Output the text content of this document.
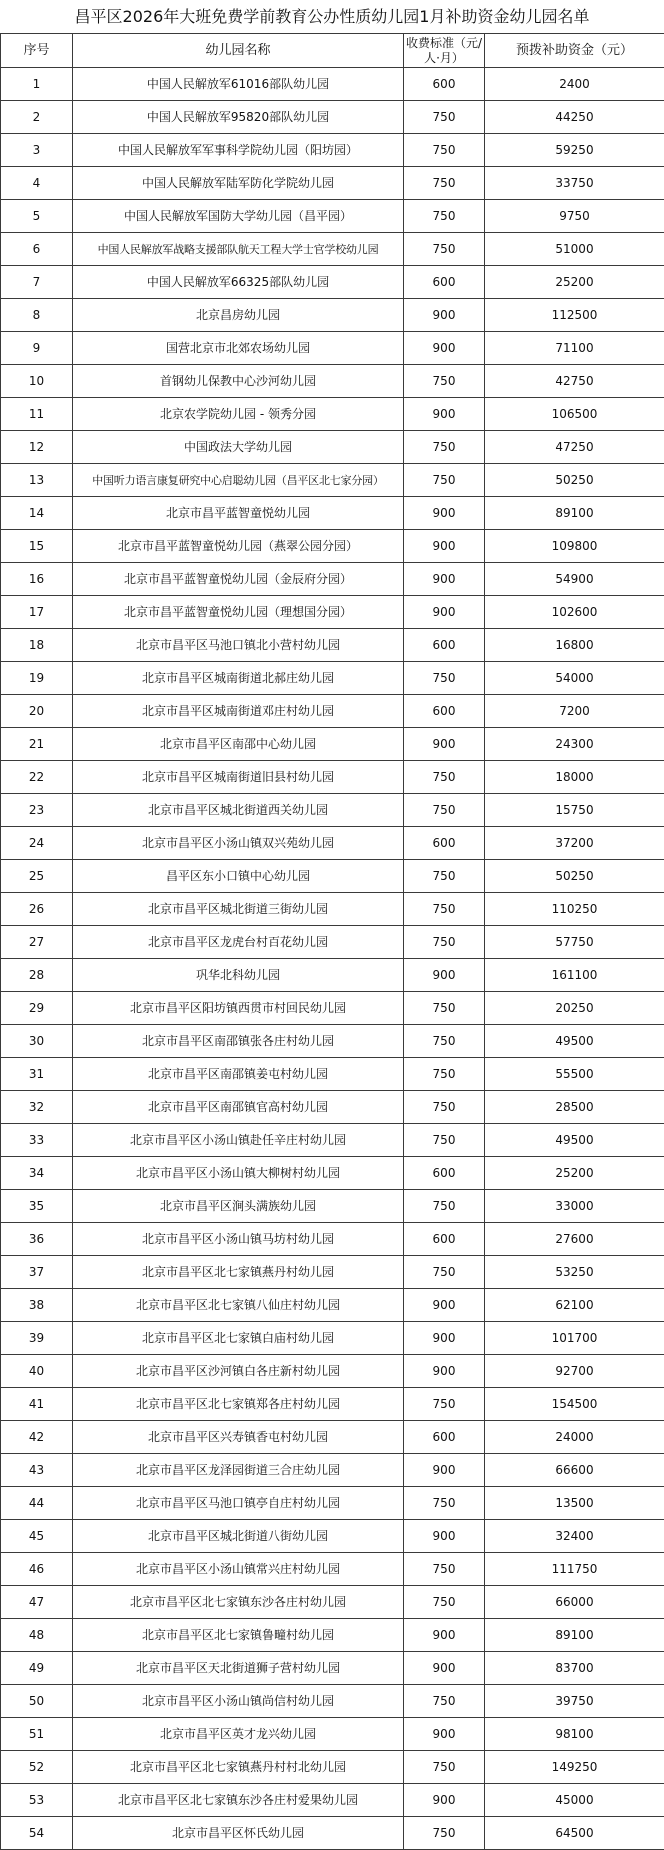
昌平区2026年大班免费学前教育公办性质幼儿园1月补助资金幼儿园名单
序号	幼儿园名称	收费标准（元/人·月）	预拨补助资金（元）
1	中国人民解放军61016部队幼儿园	600	2400
2	中国人民解放军95820部队幼儿园	750	44250
3	中国人民解放军军事科学院幼儿园（阳坊园）	750	59250
4	中国人民解放军陆军防化学院幼儿园	750	33750
5	中国人民解放军国防大学幼儿园（昌平园）	750	9750
6	中国人民解放军战略支援部队航天工程大学士官学校幼儿园	750	51000
7	中国人民解放军66325部队幼儿园	600	25200
8	北京昌房幼儿园	900	112500
9	国营北京市北郊农场幼儿园	900	71100
10	首钢幼儿保教中心沙河幼儿园	750	42750
11	北京农学院幼儿园 - 领秀分园	900	106500
12	中国政法大学幼儿园	750	47250
13	中国听力语言康复研究中心启聪幼儿园（昌平区北七家分园）	750	50250
14	北京市昌平蓝智童悦幼儿园	900	89100
15	北京市昌平蓝智童悦幼儿园（燕翠公园分园）	900	109800
16	北京市昌平蓝智童悦幼儿园（金辰府分园）	900	54900
17	北京市昌平蓝智童悦幼儿园（理想国分园）	900	102600
18	北京市昌平区马池口镇北小营村幼儿园	600	16800
19	北京市昌平区城南街道北郝庄幼儿园	750	54000
20	北京市昌平区城南街道邓庄村幼儿园	600	7200
21	北京市昌平区南邵中心幼儿园	900	24300
22	北京市昌平区城南街道旧县村幼儿园	750	18000
23	北京市昌平区城北街道西关幼儿园	750	15750
24	北京市昌平区小汤山镇双兴苑幼儿园	600	37200
25	昌平区东小口镇中心幼儿园	750	50250
26	北京市昌平区城北街道三街幼儿园	750	110250
27	北京市昌平区龙虎台村百花幼儿园	750	57750
28	巩华北科幼儿园	900	161100
29	北京市昌平区阳坊镇西贯市村回民幼儿园	750	20250
30	北京市昌平区南邵镇张各庄村幼儿园	750	49500
31	北京市昌平区南邵镇姜屯村幼儿园	750	55500
32	北京市昌平区南邵镇官高村幼儿园	750	28500
33	北京市昌平区小汤山镇赴任辛庄村幼儿园	750	49500
34	北京市昌平区小汤山镇大柳树村幼儿园	600	25200
35	北京市昌平区涧头满族幼儿园	750	33000
36	北京市昌平区小汤山镇马坊村幼儿园	600	27600
37	北京市昌平区北七家镇燕丹村幼儿园	750	53250
38	北京市昌平区北七家镇八仙庄村幼儿园	900	62100
39	北京市昌平区北七家镇白庙村幼儿园	900	101700
40	北京市昌平区沙河镇白各庄新村幼儿园	900	92700
41	北京市昌平区北七家镇郑各庄村幼儿园	750	154500
42	北京市昌平区兴寿镇香屯村幼儿园	600	24000
43	北京市昌平区龙泽园街道三合庄幼儿园	900	66600
44	北京市昌平区马池口镇亭自庄村幼儿园	750	13500
45	北京市昌平区城北街道八街幼儿园	900	32400
46	北京市昌平区小汤山镇常兴庄村幼儿园	750	111750
47	北京市昌平区北七家镇东沙各庄村幼儿园	750	66000
48	北京市昌平区北七家镇鲁疃村幼儿园	900	89100
49	北京市昌平区天北街道狮子营村幼儿园	900	83700
50	北京市昌平区小汤山镇尚信村幼儿园	750	39750
51	北京市昌平区英才龙兴幼儿园	900	98100
52	北京市昌平区北七家镇燕丹村村北幼儿园	750	149250
53	北京市昌平区北七家镇东沙各庄村爱果幼儿园	900	45000
54	北京市昌平区怀氏幼儿园	750	64500
